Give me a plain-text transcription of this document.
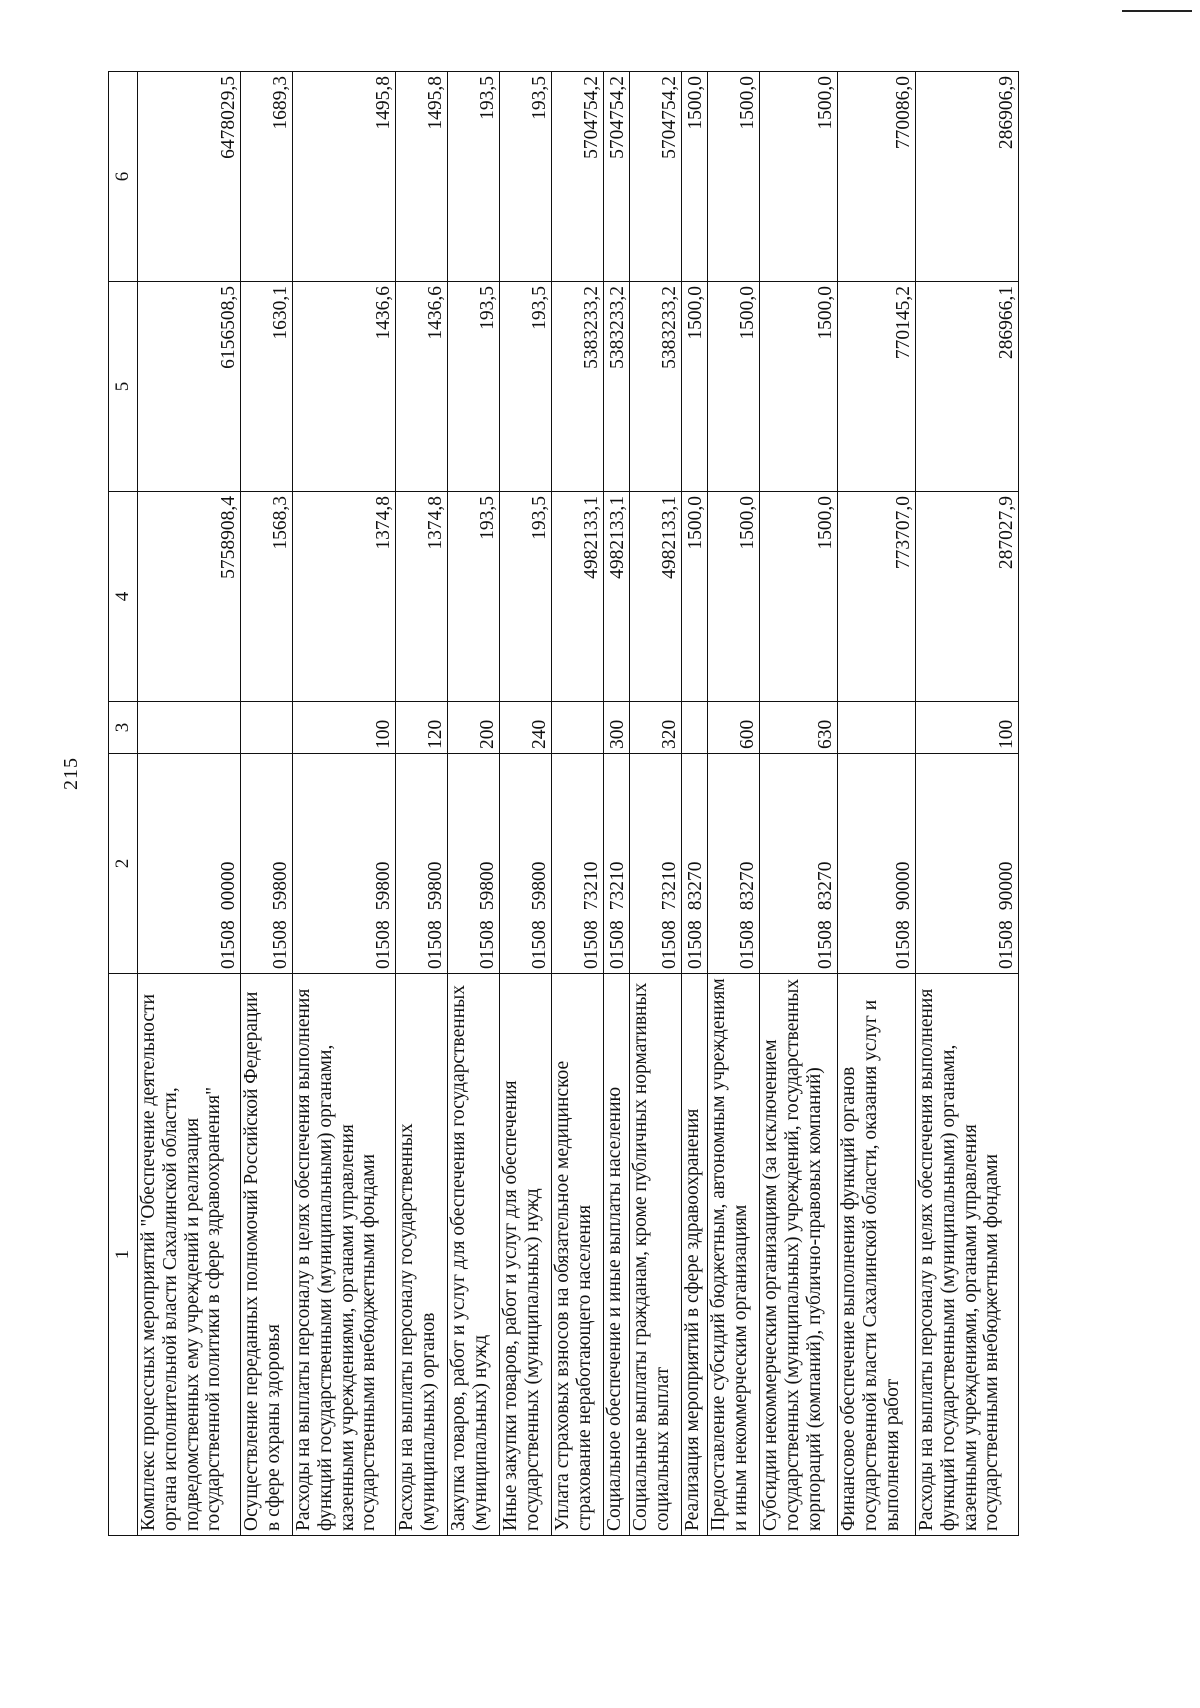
215
1	2	3	4	5	6
Комплекс процессных мероприятий "Обеспечение деятельности органа исполнительной власти Сахалинской области, подведомственных ему учреждений и реализация государственной политики в сфере здравоохранения"	0150800000		5758908,4	6156508,5	6478029,5
Осуществление переданных полномочий Российской Федерации в сфере охраны здоровья	0150859800		1568,3	1630,1	1689,3
Расходы на выплаты персоналу в целях обеспечения выполнения функций государственными (муниципальными) органами, казенными учреждениями, органами управления государственными внебюджетными фондами	0150859800	100	1374,8	1436,6	1495,8
Расходы на выплаты персоналу государственных (муниципальных) органов	0150859800	120	1374,8	1436,6	1495,8
Закупка товаров, работ и услуг для обеспечения государственных (муниципальных) нужд	0150859800	200	193,5	193,5	193,5
Иные закупки товаров, работ и услуг для обеспечения государственных (муниципальных) нужд	0150859800	240	193,5	193,5	193,5
Уплата страховых взносов на обязательное медицинское страхование неработающего населения	0150873210		4982133,1	5383233,2	5704754,2
Социальное обеспечение и иные выплаты населению	0150873210	300	4982133,1	5383233,2	5704754,2
Социальные выплаты гражданам, кроме публичных нормативных социальных выплат	0150873210	320	4982133,1	5383233,2	5704754,2
Реализация мероприятий в сфере здравоохранения	0150883270		1500,0	1500,0	1500,0
Предоставление субсидий бюджетным, автономным учреждениям и иным некоммерческим организациям	0150883270	600	1500,0	1500,0	1500,0
Субсидии некоммерческим организациям (за исключением государственных (муниципальных) учреждений, государственных корпораций (компаний), публично-правовых компаний)	0150883270	630	1500,0	1500,0	1500,0
Финансовое обеспечение выполнения функций органов государственной власти Сахалинской области, оказания услуг и выполнения работ	0150890000		773707,0	770145,2	770086,0
Расходы на выплаты персоналу в целях обеспечения выполнения функций государственными (муниципальными) органами, казенными учреждениями, органами управления государственными внебюджетными фондами	0150890000	100	287027,9	286966,1	286906,9
